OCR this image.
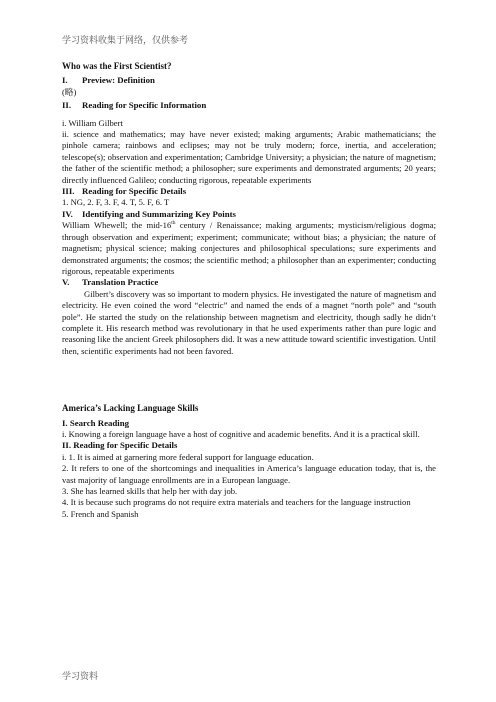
学习资料收集于网络，仅供参考
Who was the First Scientist?
I. Preview: Definition
(略)
II. Reading for Specific Information
i. William Gilbert
ii. science and mathematics; may have never existed; making arguments; Arabic mathematicians; the pinhole camera; rainbows and eclipses; may not be truly modern; force, inertia, and acceleration; telescope(s); observation and experimentation; Cambridge University; a physician; the nature of magnetism; the father of the scientific method; a philosopher; sure experiments and demonstrated arguments; 20 years; directly influenced Galileo; conducting rigorous, repeatable experiments
III. Reading for Specific Details
1. NG, 2. F, 3. F, 4. T, 5. F, 6. T
IV. Identifying and Summarizing Key Points
William Whewell; the mid-16th century / Renaissance; making arguments; mysticism/religious dogma; through observation and experiment; experiment; communicate; without bias; a physician; the nature of magnetism; physical science; making conjectures and philosophical speculations; sure experiments and demonstrated arguments; the cosmos; the scientific method; a philosopher than an experimenter; conducting rigorous, repeatable experiments
V. Translation Practice
Gilbert’s discovery was so important to modern physics. He investigated the nature of magnetism and electricity. He even coined the word “electric” and named the ends of a magnet “north pole” and “south pole”. He started the study on the relationship between magnetism and electricity, though sadly he didn’t complete it. His research method was revolutionary in that he used experiments rather than pure logic and reasoning like the ancient Greek philosophers did. It was a new attitude toward scientific investigation. Until then, scientific experiments had not been favored.
America’s Lacking Language Skills
I. Search Reading
i. Knowing a foreign language have a host of cognitive and academic benefits. And it is a practical skill.
II. Reading for Specific Details
i. 1. It is aimed at garnering more federal support for language education.
2. It refers to one of the shortcomings and inequalities in America’s language education today, that is, the vast majority of language enrollments are in a European language.
3. She has learned skills that help her with day job.
4. It is because such programs do not require extra materials and teachers for the language instruction
5. French and Spanish
学习资料
